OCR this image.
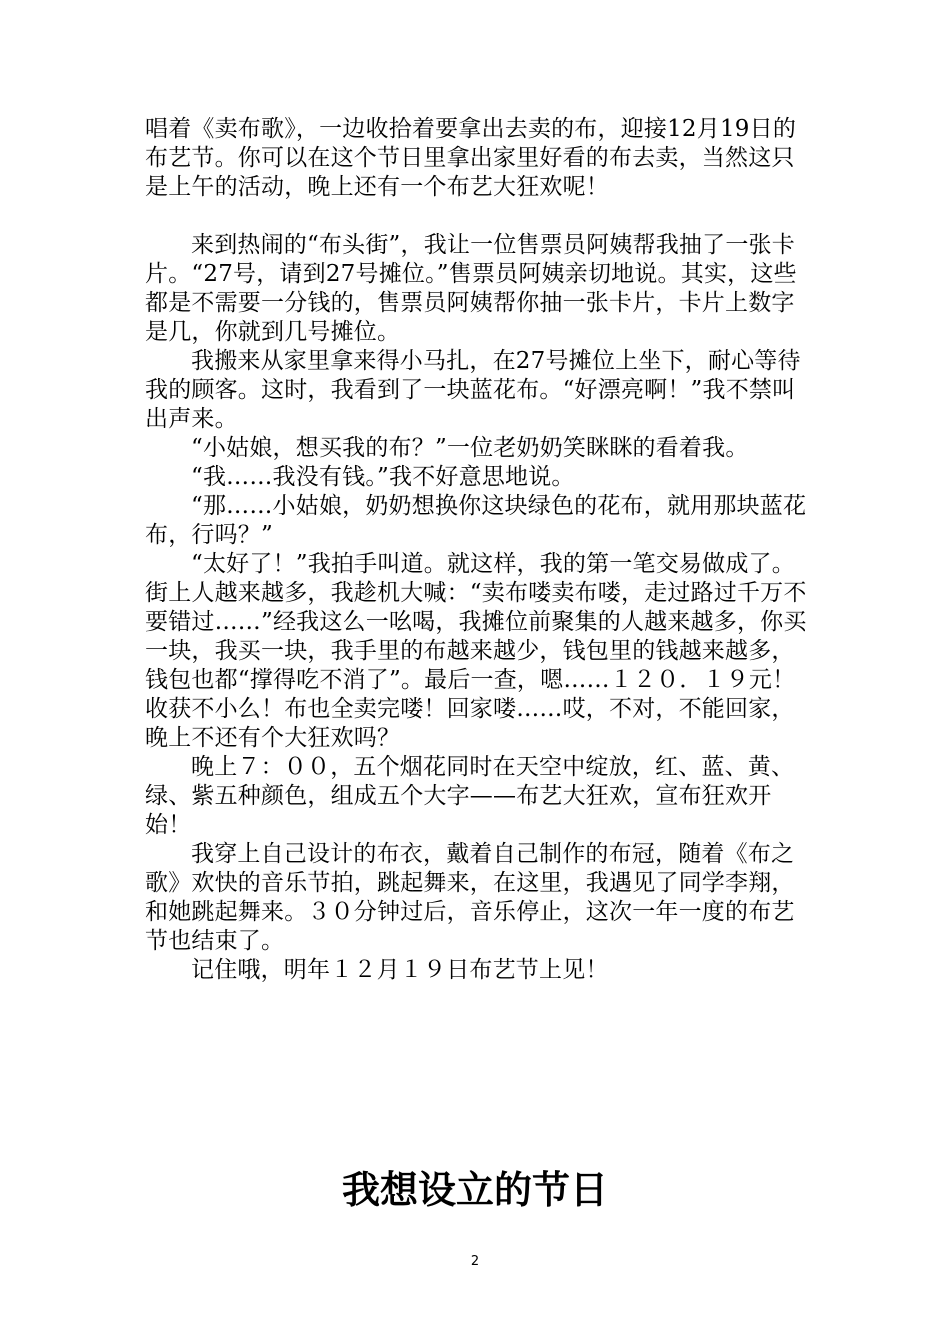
唱着《卖布歌》，一边收拾着要拿出去卖的布，迎接12月19日的布艺节。你可以在这个节日里拿出家里好看的布去卖，当然这只是上午的活动，晚上还有一个布艺大狂欢呢！

来到热闹的“布头街”，我让一位售票员阿姨帮我抽了一张卡片。“27号，请到27号摊位。”售票员阿姨亲切地说。其实，这些都是不需要一分钱的，售票员阿姨帮你抽一张卡片，卡片上数字是几，你就到几号摊位。

我搬来从家里拿来得小马扎，在27号摊位上坐下，耐心等待我的顾客。这时，我看到了一块蓝花布。“好漂亮啊！”我不禁叫出声来。

“小姑娘，想买我的布？”一位老奶奶笑眯眯的看着我。

“我……我没有钱。”我不好意思地说。

“那……小姑娘，奶奶想换你这块绿色的花布，就用那块蓝花布，行吗？”

“太好了！”我拍手叫道。就这样，我的第一笔交易做成了。街上人越来越多，我趁机大喊：“卖布喽卖布喽，走过路过千万不要错过……”经我这么一吆喝，我摊位前聚集的人越来越多，你买一块，我买一块，我手里的布越来越少，钱包里的钱越来越多，钱包也都“撑得吃不消了”。最后一查，嗯……１２０．１９元！收获不小么！布也全卖完喽！回家喽……哎，不对，不能回家，晚上不还有个大狂欢吗？

晚上７：００，五个烟花同时在天空中绽放，红、蓝、黄、绿、紫五种颜色，组成五个大字——布艺大狂欢，宣布狂欢开始！

我穿上自己设计的布衣，戴着自己制作的布冠，随着《布之歌》欢快的音乐节拍，跳起舞来，在这里，我遇见了同学李翔，和她跳起舞来。３０分钟过后，音乐停止，这次一年一度的布艺节也结束了。

记住哦，明年１２月１９日布艺节上见！

我想设立的节日
2
